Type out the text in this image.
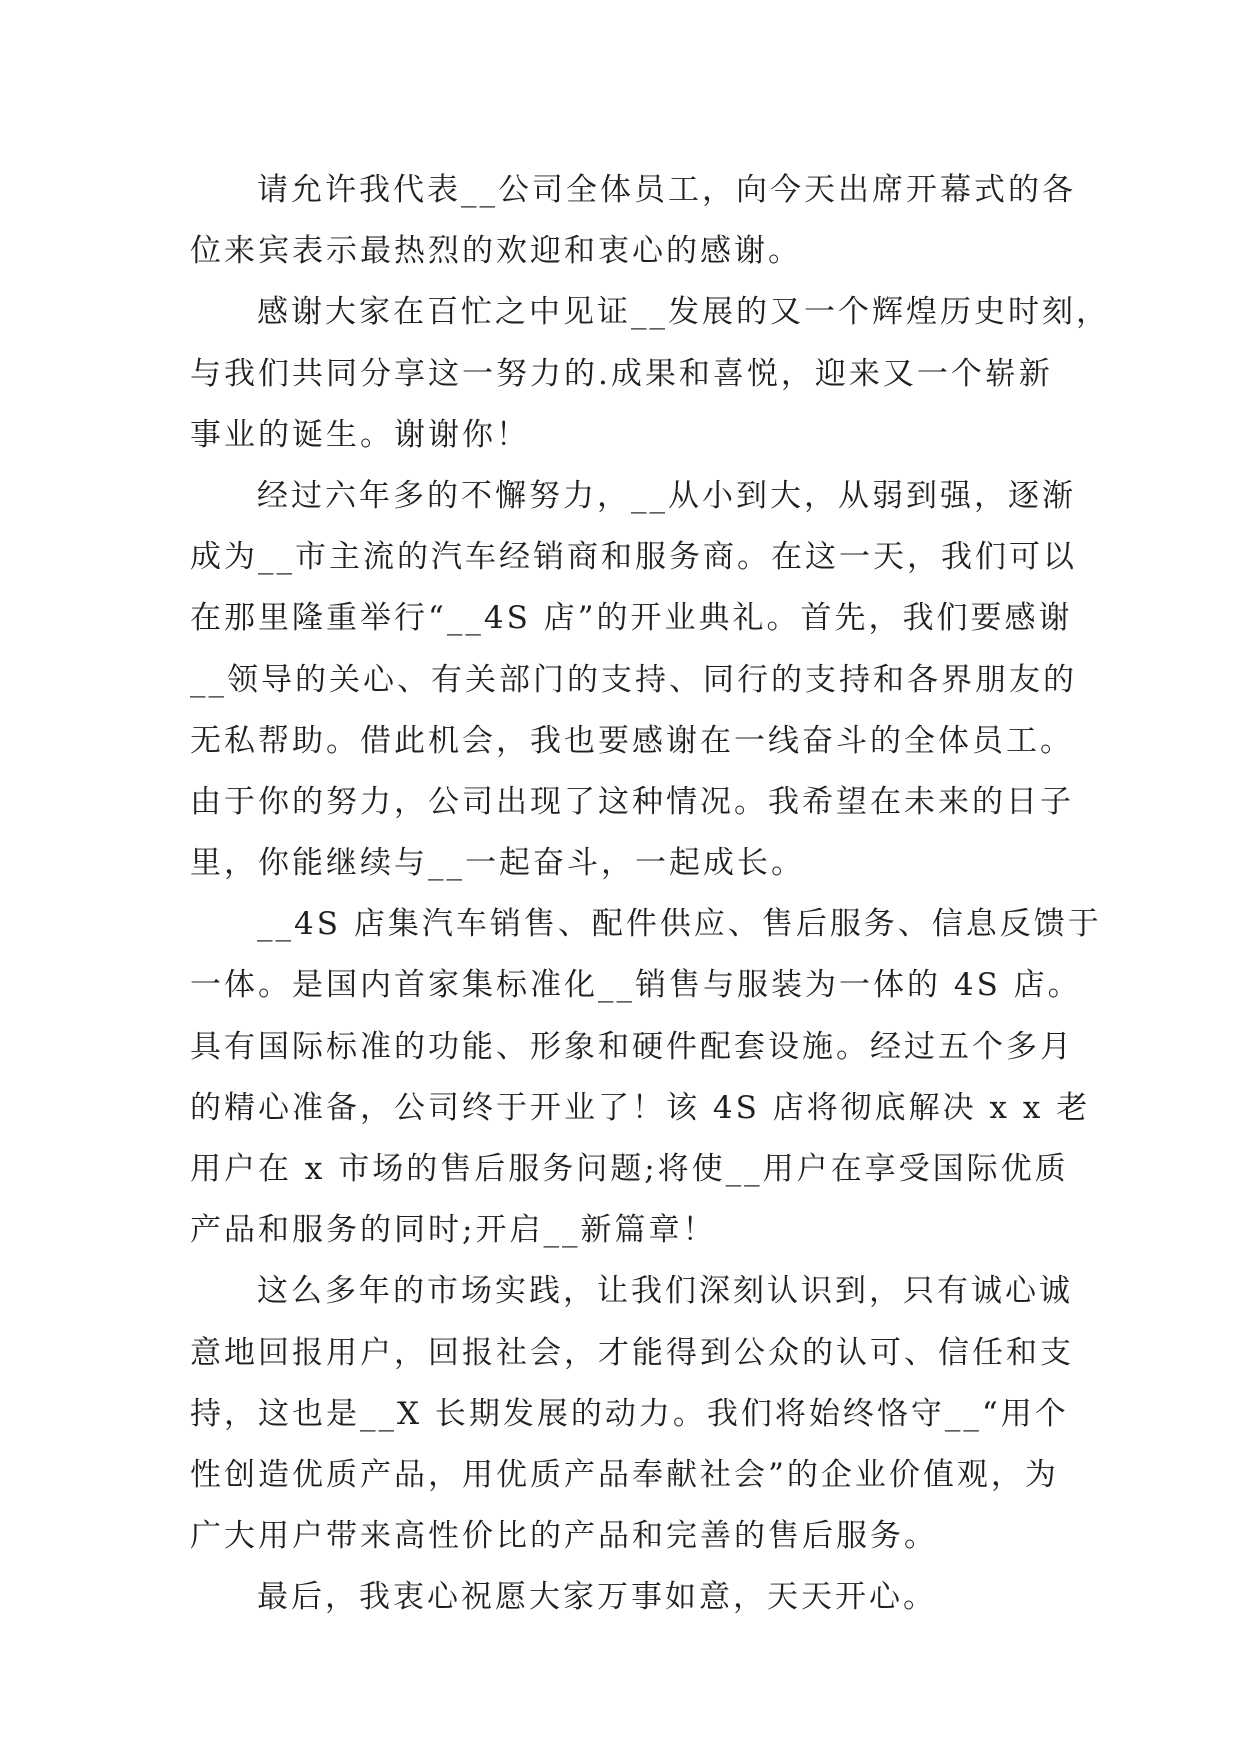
请允许我代表__公司全体员工，向今天出席开幕式的各
位来宾表示最热烈的欢迎和衷心的感谢。
感谢大家在百忙之中见证__发展的又一个辉煌历史时刻，
与我们共同分享这一努力的.成果和喜悦，迎来又一个崭新
事业的诞生。谢谢你！
经过六年多的不懈努力，__从小到大，从弱到强，逐渐
成为__市主流的汽车经销商和服务商。在这一天，我们可以
在那里隆重举行“__4S 店”的开业典礼。首先，我们要感谢
__领导的关心、有关部门的支持、同行的支持和各界朋友的
无私帮助。借此机会，我也要感谢在一线奋斗的全体员工。
由于你的努力，公司出现了这种情况。我希望在未来的日子
里，你能继续与__一起奋斗，一起成长。
__4S 店集汽车销售、配件供应、售后服务、信息反馈于
一体。是国内首家集标准化__销售与服装为一体的 4S 店。
具有国际标准的功能、形象和硬件配套设施。经过五个多月
的精心准备，公司终于开业了！该 4S 店将彻底解决 x x 老
用户在 x 市场的售后服务问题;将使__用户在享受国际优质
产品和服务的同时;开启__新篇章！
这么多年的市场实践，让我们深刻认识到，只有诚心诚
意地回报用户，回报社会，才能得到公众的认可、信任和支
持，这也是__X 长期发展的动力。我们将始终恪守__“用个
性创造优质产品，用优质产品奉献社会”的企业价值观，为
广大用户带来高性价比的产品和完善的售后服务。
最后，我衷心祝愿大家万事如意，天天开心。
